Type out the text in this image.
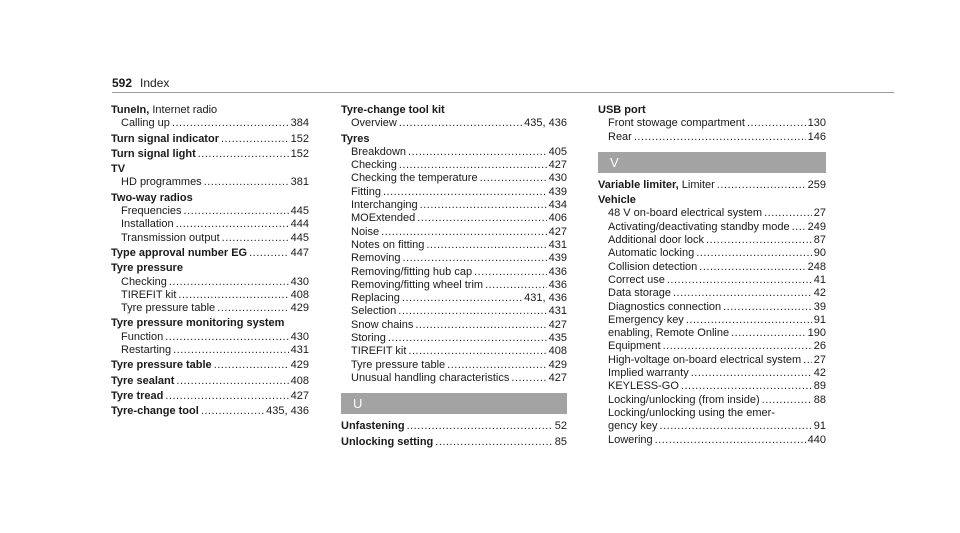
592 Index
TuneIn, Internet radio
Calling up .....	384
Turn signal indicator .....	152
Turn signal light .....	152
TV
HD programmes .....	381
Two-way radios
Frequencies .....	445
Installation .....	444
Transmission output .....	445
Type approval number EG .....	447
Tyre pressure
Checking .....	430
TIREFIT kit .....	408
Tyre pressure table .....	429
Tyre pressure monitoring system
Function .....	430
Restarting .....	431
Tyre pressure table .....	429
Tyre sealant .....	408
Tyre tread .....	427
Tyre-change tool .....	435, 436
Tyre-change tool kit
Overview .....	435, 436
Tyres
Breakdown .....	405
Checking .....	427
Checking the temperature .....	430
Fitting .....	439
Interchanging .....	434
MOExtended .....	406
Noise .....	427
Notes on fitting .....	431
Removing .....	439
Removing/fitting hub cap .....	436
Removing/fitting wheel trim .....	436
Replacing .....	431, 436
Selection .....	431
Snow chains .....	427
Storing .....	435
TIREFIT kit .....	408
Tyre pressure table .....	429
Unusual handling characteristics .....	427
U
Unfastening .....	52
Unlocking setting .....	85
USB port
Front stowage compartment .....	130
Rear .....	146
V
Variable limiter, Limiter .....	259
Vehicle
48 V on-board electrical system .....	27
Activating/deactivating standby mode ..... 249
Additional door lock .....	87
Automatic locking .....	90
Collision detection .....	248
Correct use .....	41
Data storage .....	42
Diagnostics connection .....	39
Emergency key .....	91
enabling, Remote Online .....	190
Equipment .....	26
High-voltage on-board electrical system ..... 27
Implied warranty .....	42
KEYLESS-GO .....	89
Locking/unlocking (from inside) .....	88
Locking/unlocking using the emer-
gency key .....	91
Lowering .....	440
